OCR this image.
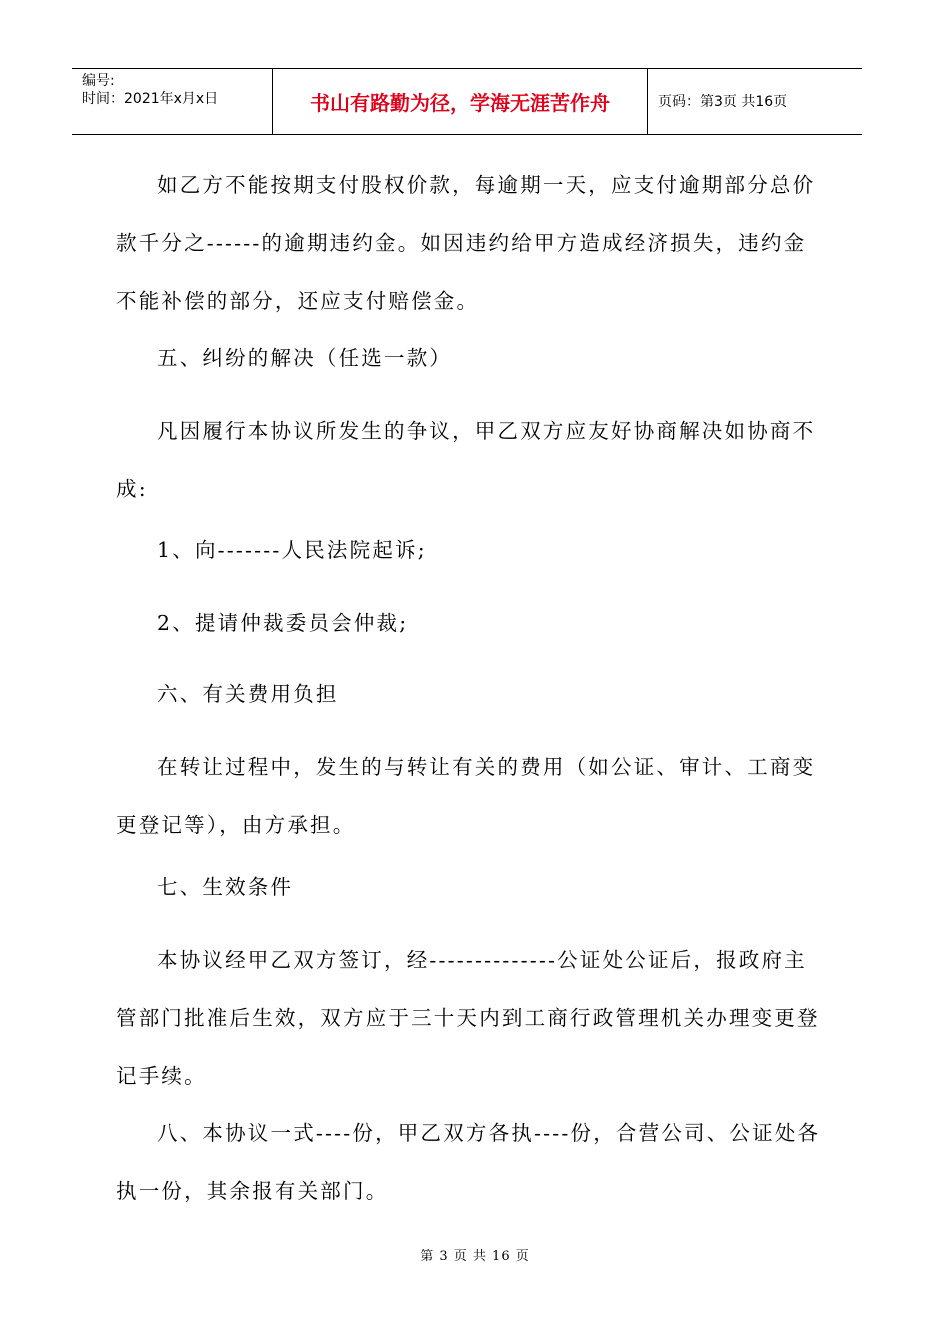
编号:
时间：2021年x月x日	书山有路勤为径，学海无涯苦作舟	页码：第3页 共16页

如乙方不能按期支付股权价款，每逾期一天，应支付逾期部分总价款千分之------的逾期违约金。如因违约给甲方造成经济损失，违约金不能补偿的部分，还应支付赔偿金。

五、纠纷的解决（任选一款）

凡因履行本协议所发生的争议，甲乙双方应友好协商解决如协商不成:

1、向-------人民法院起诉;

2、提请仲裁委员会仲裁;

六、有关费用负担

在转让过程中，发生的与转让有关的费用（如公证、审计、工商变更登记等），由方承担。

七、生效条件

本协议经甲乙双方签订，经--------------公证处公证后，报政府主管部门批准后生效，双方应于三十天内到工商行政管理机关办理变更登记手续。

八、本协议一式----份，甲乙双方各执----份，合营公司、公证处各执一份，其余报有关部门。

第 3 页 共 16 页
